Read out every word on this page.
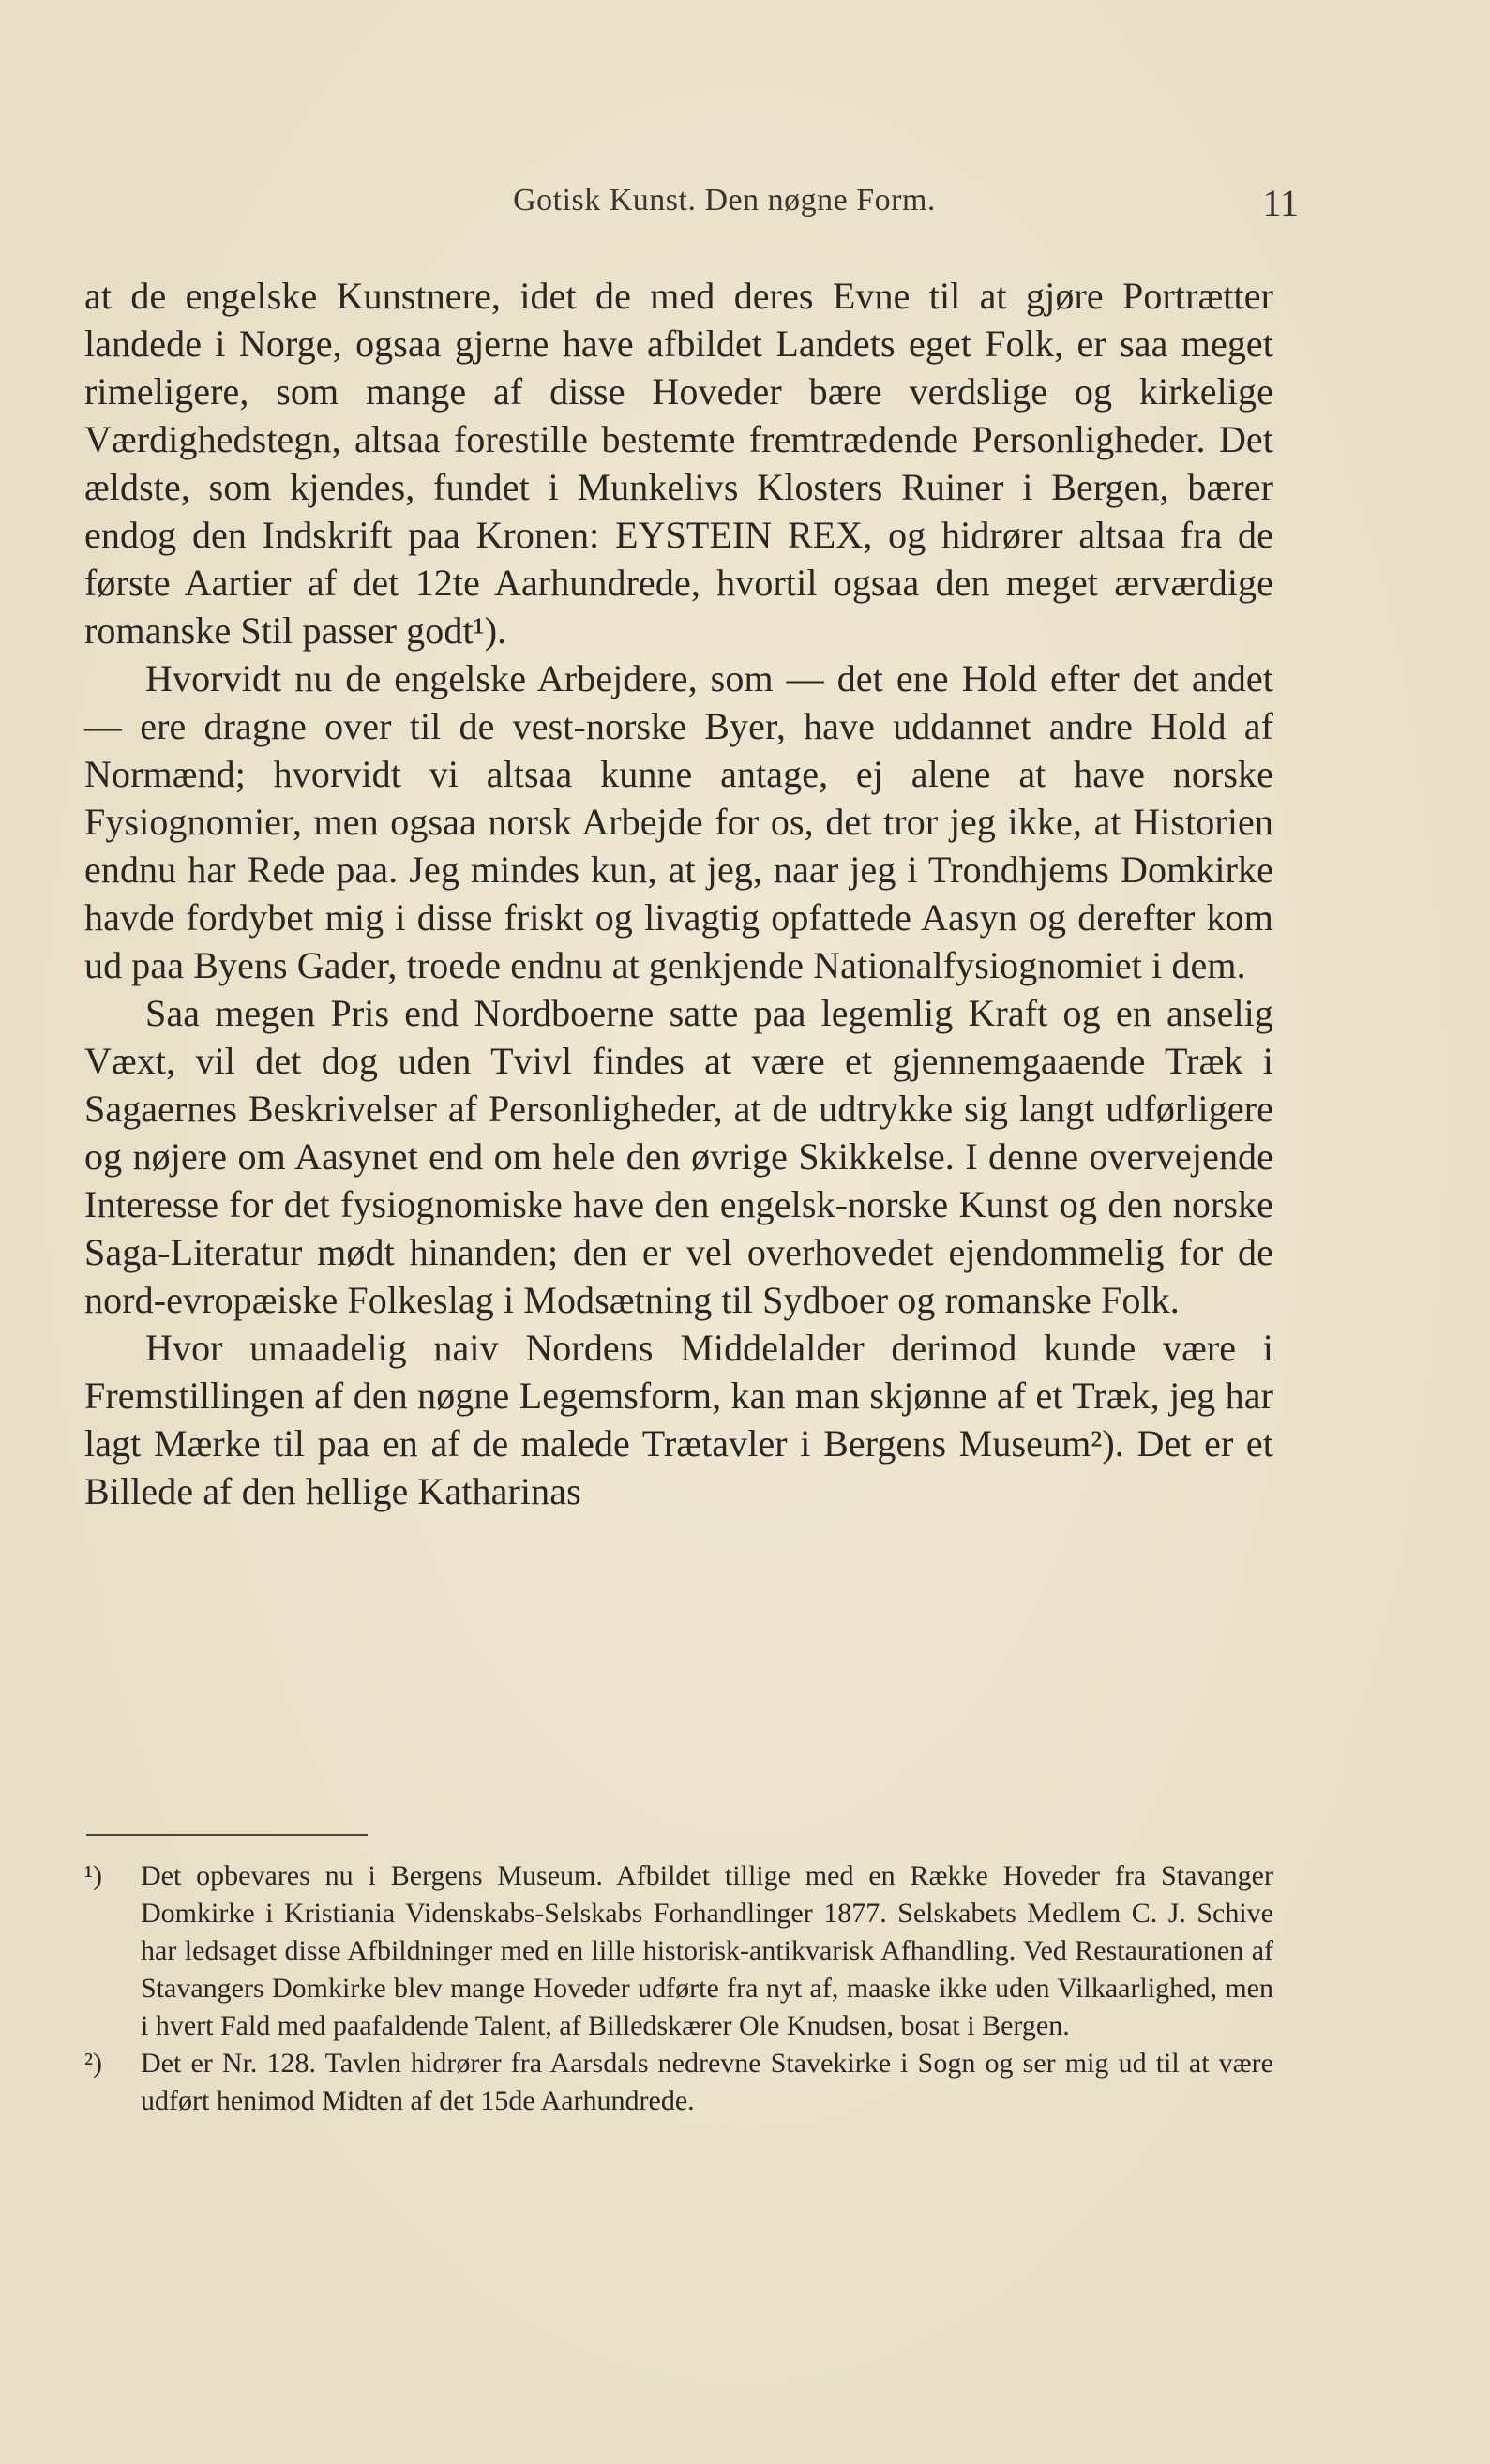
Gotisk Kunst. Den nøgne Form.	11

at de engelske Kunstnere, idet de med deres Evne til at gjøre Portrætter landede i Norge, ogsaa gjerne have afbildet Landets eget Folk, er saa meget rimeligere, som mange af disse Hoveder bære verdslige og kirkelige Værdighedstegn, altsaa forestille bestemte fremtrædende Personligheder. Det ældste, som kjendes, fundet i Munkelivs Klosters Ruiner i Bergen, bærer endog den Indskrift paa Kronen: EYSTEIN REX, og hidrører altsaa fra de første Aartier af det 12te Aarhundrede, hvortil ogsaa den meget ærværdige romanske Stil passer godt¹).

Hvorvidt nu de engelske Arbejdere, som — det ene Hold efter det andet — ere dragne over til de vest-norske Byer, have uddannet andre Hold af Normænd; hvorvidt vi altsaa kunne antage, ej alene at have norske Fysiognomier, men ogsaa norsk Arbejde for os, det tror jeg ikke, at Historien endnu har Rede paa. Jeg mindes kun, at jeg, naar jeg i Trondhjems Domkirke havde fordybet mig i disse friskt og livagtig opfattede Aasyn og derefter kom ud paa Byens Gader, troede endnu at genkjende Nationalfysiognomiet i dem.

Saa megen Pris end Nordboerne satte paa legemlig Kraft og en anselig Væxt, vil det dog uden Tvivl findes at være et gjennemgaaende Træk i Sagaernes Beskrivelser af Personligheder, at de udtrykke sig langt udførligere og nøjere om Aasynet end om hele den øvrige Skikkelse. I denne overvejende Interesse for det fysiognomiske have den engelsk-norske Kunst og den norske Saga-Literatur mødt hinanden; den er vel overhovedet ejendommelig for de nord-evropæiske Folkeslag i Modsætning til Sydboer og romanske Folk.

Hvor umaadelig naiv Nordens Middelalder derimod kunde være i Fremstillingen af den nøgne Legemsform, kan man skjønne af et Træk, jeg har lagt Mærke til paa en af de malede Trætavler i Bergens Museum²). Det er et Billede af den hellige Katharinas

¹) Det opbevares nu i Bergens Museum. Afbildet tillige med en Række Hoveder fra Stavanger Domkirke i Kristiania Videnskabs-Selskabs Forhandlinger 1877. Selskabets Medlem C. J. Schive har ledsaget disse Afbildninger med en lille historisk-antikvarisk Afhandling. Ved Restaurationen af Stavangers Domkirke blev mange Hoveder udførte fra nyt af, maaske ikke uden Vilkaarlighed, men i hvert Fald med paafaldende Talent, af Billedskærer Ole Knudsen, bosat i Bergen.
²) Det er Nr. 128. Tavlen hidrører fra Aarsdals nedrevne Stavekirke i Sogn og ser mig ud til at være udført henimod Midten af det 15de Aarhundrede.
